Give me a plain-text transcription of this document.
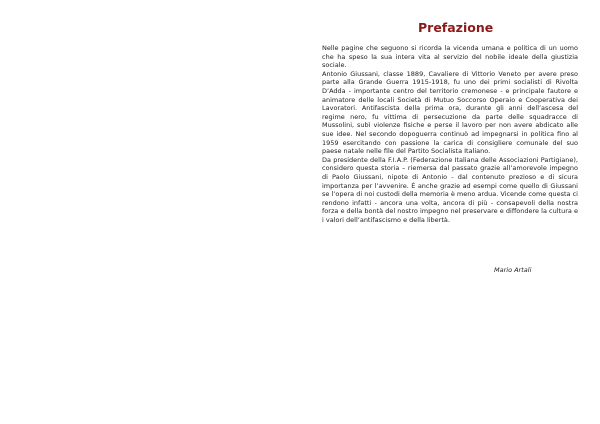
Prefazione

Nelle pagine che seguono si ricorda la vicenda umana e politica di un uomo che ha speso la sua intera vita al servizio del nobile ideale della giustizia sociale.

Antonio Giussani, classe 1889, Cavaliere di Vittorio Veneto per avere preso parte alla Grande Guerra 1915-1918, fu uno dei primi socialisti di Rivolta D’Adda - importante centro del territorio cremonese - e principale fautore e animatore delle locali Società di Mutuo Soccorso Operaio e Cooperativa dei Lavoratori. Antifascista della prima ora, durante gli anni dell’ascesa del regime nero, fu vittima di persecuzione da parte delle squadracce di Mussolini, subì violenze fisiche e perse il lavoro per non avere abdicato alle sue idee. Nel secondo dopoguerra continuò ad impegnarsi in politica fino al 1959 esercitando con passione la carica di consigliere comunale del suo paese natale nelle file del Partito Socialista Italiano.

Da presidente della F.I.A.P. (Federazione Italiana delle Associazioni Partigiane), considero questa storia – riemersa dal passato grazie all’amorevole impegno di Paolo Giussani, nipote di Antonio - dal contenuto prezioso e di sicura importanza per l’avvenire. È anche grazie ad esempi come quello di Giussani se l’opera di noi custodi della memoria è meno ardua. Vicende come questa ci rendono infatti - ancora una volta, ancora di più - consapevoli della nostra forza e della bontà del nostro impegno nel preservare e diffondere la cultura e i valori dell’antifascismo e della libertà.

Mario Artali
